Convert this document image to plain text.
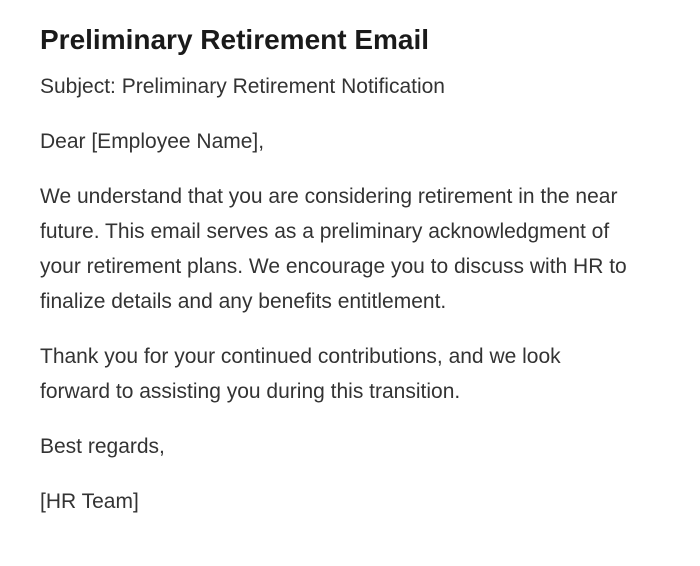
Preliminary Retirement Email

Subject: Preliminary Retirement Notification

Dear [Employee Name],

We understand that you are considering retirement in the near future. This email serves as a preliminary acknowledgment of your retirement plans. We encourage you to discuss with HR to finalize details and any benefits entitlement.

Thank you for your continued contributions, and we look forward to assisting you during this transition.

Best regards,

[HR Team]
